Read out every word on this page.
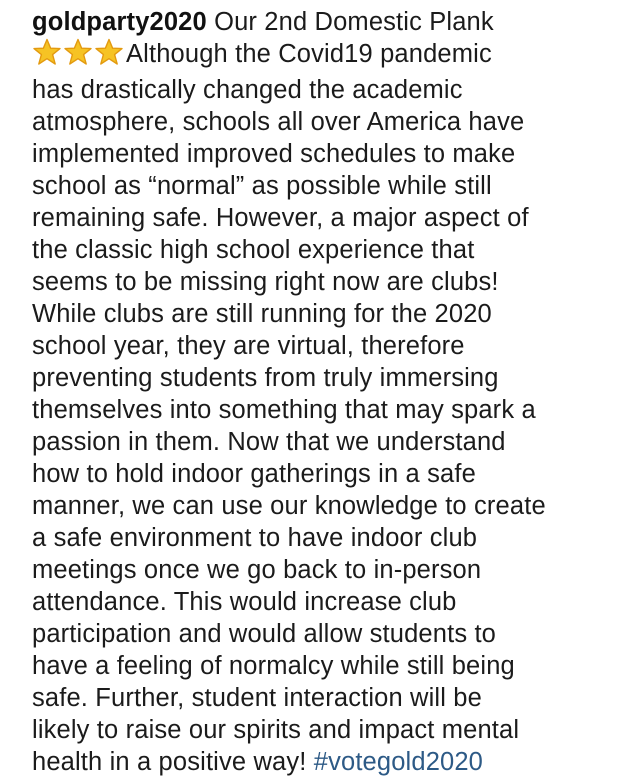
goldparty2020 Our 2nd Domestic Plank
Although the Covid19 pandemic
has drastically changed the academic
atmosphere, schools all over America have
implemented improved schedules to make
school as “normal” as possible while still
remaining safe. However, a major aspect of
the classic high school experience that
seems to be missing right now are clubs!
While clubs are still running for the 2020
school year, they are virtual, therefore
preventing students from truly immersing
themselves into something that may spark a
passion in them. Now that we understand
how to hold indoor gatherings in a safe
manner, we can use our knowledge to create
a safe environment to have indoor club
meetings once we go back to in-person
attendance. This would increase club
participation and would allow students to
have a feeling of normalcy while still being
safe. Further, student interaction will be
likely to raise our spirits and impact mental
health in a positive way! #votegold2020
